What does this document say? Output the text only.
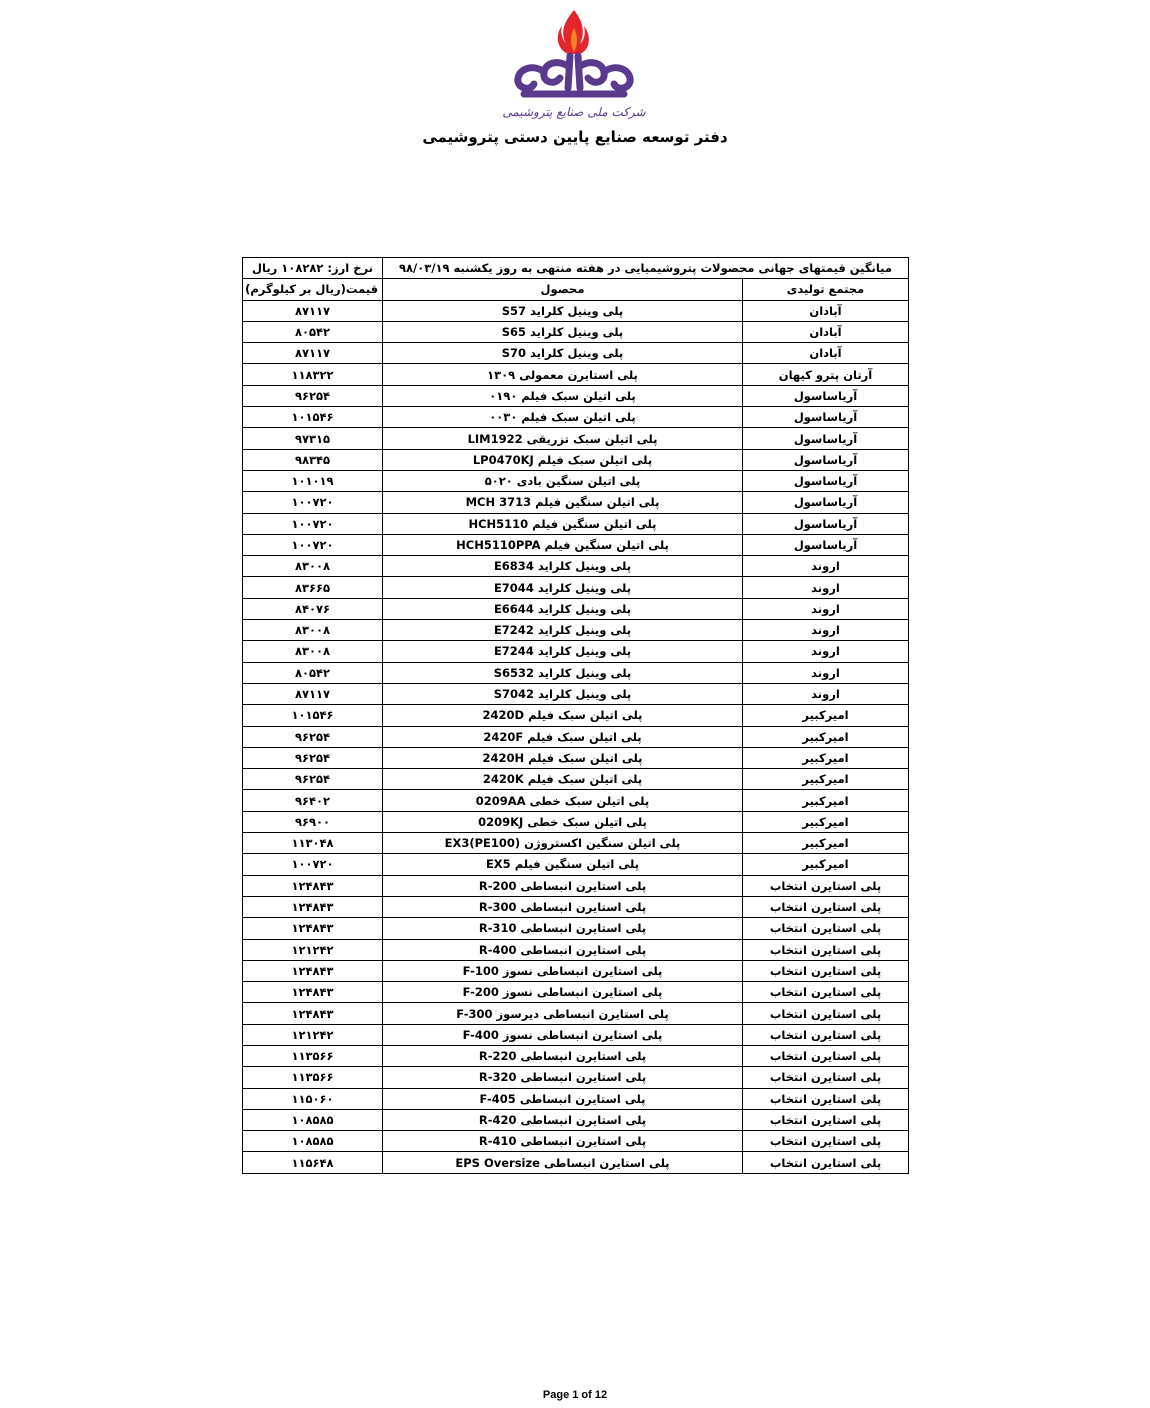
شرکت ملی صنایع پتروشیمی
دفتر توسعه صنایع پایین دستی پتروشیمی
میانگین قیمتهای جهانی محصولات پتروشیمیایی در هفته منتهی به روز یکشنبه ۹۸/۰۳/۱۹		نرخ ارز: ۱۰۸۲۸۲ ریال
مجتمع تولیدی	محصول	قیمت(ریال بر کیلوگرم)
آبادان	پلی وینیل کلراید S57	۸۷۱۱۷
آبادان	پلی وینیل کلراید S65	۸۰۵۴۲
آبادان	پلی وینیل کلراید S70	۸۷۱۱۷
آرتان پترو کیهان	پلی استایرن معمولی ۱۳۰۹	۱۱۸۳۲۲
آریاساسول	پلی اتیلن سبک فیلم ۰۱۹۰	۹۶۲۵۴
آریاساسول	پلی اتیلن سبک فیلم ۰۰۳۰	۱۰۱۵۴۶
آریاساسول	پلی اتیلن سبک تزریقی LIM1922	۹۷۳۱۵
آریاساسول	پلی اتیلن سبک فیلم LP0470KJ	۹۸۳۴۵
آریاساسول	پلی اتیلن سنگین بادی ۵۰۲۰	۱۰۱۰۱۹
آریاساسول	پلی اتیلن سنگین فیلم MCH 3713	۱۰۰۷۲۰
آریاساسول	پلی اتیلن سنگین فیلم HCH5110	۱۰۰۷۲۰
آریاساسول	پلی اتیلن سنگین فیلم HCH5110PPA	۱۰۰۷۲۰
اروند	پلی وینیل کلراید E6834	۸۳۰۰۸
اروند	پلی وینیل کلراید E7044	۸۳۶۶۵
اروند	پلی وینیل کلراید E6644	۸۴۰۷۶
اروند	پلی وینیل کلراید E7242	۸۳۰۰۸
اروند	پلی وینیل کلراید E7244	۸۳۰۰۸
اروند	پلی وینیل کلراید S6532	۸۰۵۴۲
اروند	پلی وینیل کلراید S7042	۸۷۱۱۷
امیرکبیر	پلی اتیلن سبک فیلم 2420D	۱۰۱۵۴۶
امیرکبیر	پلی اتیلن سبک فیلم 2420F	۹۶۲۵۴
امیرکبیر	پلی اتیلن سبک فیلم 2420H	۹۶۲۵۴
امیرکبیر	پلی اتیلن سبک فیلم 2420K	۹۶۲۵۴
امیرکبیر	پلی اتیلن سبک خطی 0209AA	۹۶۴۰۲
امیرکبیر	پلی اتیلن سبک خطی 0209KJ	۹۶۹۰۰
امیرکبیر	پلی اتیلن سنگین اکستروژن EX3(PE100)	۱۱۳۰۴۸
امیرکبیر	پلی اتیلن سنگین فیلم EX5	۱۰۰۷۲۰
پلی استایرن انتخاب	پلی استایرن انبساطی R-200	۱۲۴۸۴۳
پلی استایرن انتخاب	پلی استایرن انبساطی R-300	۱۲۴۸۴۳
پلی استایرن انتخاب	پلی استایرن انبساطی R-310	۱۲۴۸۴۳
پلی استایرن انتخاب	پلی استایرن انبساطی R-400	۱۲۱۲۴۲
پلی استایرن انتخاب	پلی استایرن انبساطی نسوز F-100	۱۲۴۸۴۳
پلی استایرن انتخاب	پلی استایرن انبساطی نسوز F-200	۱۲۴۸۴۳
پلی استایرن انتخاب	پلی استایرن انبساطی دیرسوز F-300	۱۲۴۸۴۳
پلی استایرن انتخاب	پلی استایرن انبساطی نسوز F-400	۱۲۱۲۴۲
پلی استایرن انتخاب	پلی استایرن انبساطی R-220	۱۱۳۵۶۶
پلی استایرن انتخاب	پلی استایرن انبساطی R-320	۱۱۳۵۶۶
پلی استایرن انتخاب	پلی استایرن انبساطی F-405	۱۱۵۰۶۰
پلی استایرن انتخاب	پلی استایرن انبساطی R-420	۱۰۸۵۸۵
پلی استایرن انتخاب	پلی استایرن انبساطی R-410	۱۰۸۵۸۵
پلی استایرن انتخاب	پلی استایرن انبساطی EPS Oversize	۱۱۵۶۴۸
Page 1 of 12
